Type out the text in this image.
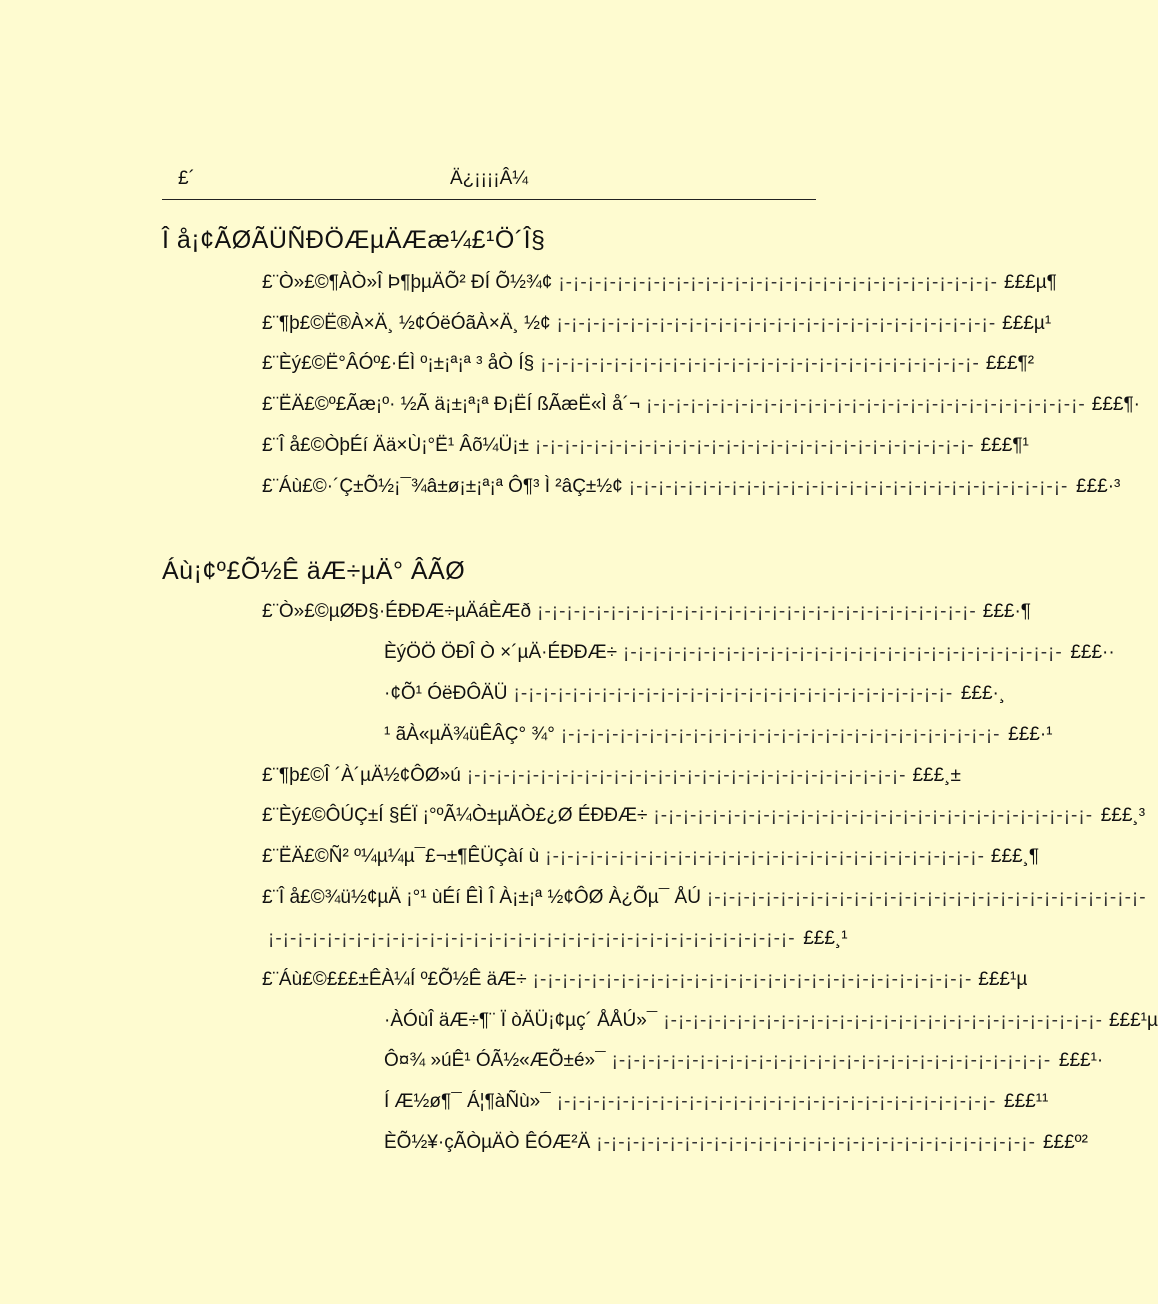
£´	Ä¿¡¡¡¡Â¼
Î å¡¢ÃØÃÜÑÐÖÆµÄÆæ¼£¹Ö´Î§
£¨Ò»£©¶ÀÒ»Î Þ¶þµÄÕ² ÐÍ Õ½¾¢ ¡-¡-¡-¡-¡-¡-¡-¡-¡-¡-¡-¡-¡-¡-¡-¡-¡-¡-¡-¡-¡-¡-¡-¡-¡-¡-¡-¡-¡-¡- £££µ¶
£¨¶þ£©Ë®À×Ä¸ ½¢ÓëÓãÀ×Ä¸ ½¢ ¡-¡-¡-¡-¡-¡-¡-¡-¡-¡-¡-¡-¡-¡-¡-¡-¡-¡-¡-¡-¡-¡-¡-¡-¡-¡-¡-¡-¡-¡- £££µ¹
£¨Èý£©Ë°ÂÓº£·ÉÌ º¡±¡ª¡ª ³ åÒ Í§ ¡-¡-¡-¡-¡-¡-¡-¡-¡-¡-¡-¡-¡-¡-¡-¡-¡-¡-¡-¡-¡-¡-¡-¡-¡-¡-¡-¡-¡-¡- £££¶²
£¨ËÄ£©º£Ãæ¡º· ½Ã ä¡±¡ª¡ª Ð¡ËÍ ßÃæË«Ì å´¬ ¡-¡-¡-¡-¡-¡-¡-¡-¡-¡-¡-¡-¡-¡-¡-¡-¡-¡-¡-¡-¡-¡-¡-¡-¡-¡-¡-¡-¡-¡- £££¶·
£¨Î å£©ÒþÉí Ää×Ù¡°Ë¹ Âõ¼Ü¡± ¡-¡-¡-¡-¡-¡-¡-¡-¡-¡-¡-¡-¡-¡-¡-¡-¡-¡-¡-¡-¡-¡-¡-¡-¡-¡-¡-¡-¡-¡- £££¶¹
£¨Áù£©·´Ç±Õ½¡¯¾â±ø¡±¡ª¡ª Ô¶³ Ì ²âÇ±½¢ ¡-¡-¡-¡-¡-¡-¡-¡-¡-¡-¡-¡-¡-¡-¡-¡-¡-¡-¡-¡-¡-¡-¡-¡-¡-¡-¡-¡-¡-¡- £££·³
Áù¡¢º£Õ½Ê äÆ÷µÄ° ÂÃØ
£¨Ò»£©µØÐ§·ÉÐÐÆ÷µÄáÈÆð ¡-¡-¡-¡-¡-¡-¡-¡-¡-¡-¡-¡-¡-¡-¡-¡-¡-¡-¡-¡-¡-¡-¡-¡-¡-¡-¡-¡-¡-¡- £££·¶
ÈýÖÖ ÖÐÎ Ò ×´µÄ·ÉÐÐÆ÷ ¡-¡-¡-¡-¡-¡-¡-¡-¡-¡-¡-¡-¡-¡-¡-¡-¡-¡-¡-¡-¡-¡-¡-¡-¡-¡-¡-¡-¡-¡- £££··
·¢Õ¹ ÓëÐÔÄÜ ¡-¡-¡-¡-¡-¡-¡-¡-¡-¡-¡-¡-¡-¡-¡-¡-¡-¡-¡-¡-¡-¡-¡-¡-¡-¡-¡-¡-¡-¡- £££·¸
¹ ãÀ«µÄ¾üÊÂÇ° ¾° ¡-¡-¡-¡-¡-¡-¡-¡-¡-¡-¡-¡-¡-¡-¡-¡-¡-¡-¡-¡-¡-¡-¡-¡-¡-¡-¡-¡-¡-¡- £££·¹
£¨¶þ£©Î ´À´µÄ½¢ÔØ»ú ¡-¡-¡-¡-¡-¡-¡-¡-¡-¡-¡-¡-¡-¡-¡-¡-¡-¡-¡-¡-¡-¡-¡-¡-¡-¡-¡-¡-¡-¡- £££¸±
£¨Èý£©ÔÚÇ±Í §ÉÏ ¡°ºÃ¼Ò±µÄÒ£¿Ø ÉÐÐÆ÷ ¡-¡-¡-¡-¡-¡-¡-¡-¡-¡-¡-¡-¡-¡-¡-¡-¡-¡-¡-¡-¡-¡-¡-¡-¡-¡-¡-¡-¡-¡- £££¸³
£¨ËÄ£©Ñ² º¼µ¼µ¯£¬±¶ÊÜÇàí ù ¡-¡-¡-¡-¡-¡-¡-¡-¡-¡-¡-¡-¡-¡-¡-¡-¡-¡-¡-¡-¡-¡-¡-¡-¡-¡-¡-¡-¡-¡- £££¸¶
£¨Î å£©¾ü½¢µÄ ¡°¹ ùÉí ÊÌ Î À¡±¡ª ½¢ÔØ À¿Õµ¯ ÅÚ ¡-¡-¡-¡-¡-¡-¡-¡-¡-¡-¡-¡-¡-¡-¡-¡-¡-¡-¡-¡-¡-¡-¡-¡-¡-¡-¡-¡-¡-¡-
¡-¡-¡-¡-¡-¡-¡-¡-¡-¡-¡-¡-¡-¡-¡-¡-¡-¡-¡-¡-¡-¡-¡-¡-¡-¡-¡-¡-¡-¡-¡-¡-¡-¡-¡-¡- £££¸¹
£¨Áù£©£££±ÊÀ¼Í º£Õ½Ê äÆ÷ ¡-¡-¡-¡-¡-¡-¡-¡-¡-¡-¡-¡-¡-¡-¡-¡-¡-¡-¡-¡-¡-¡-¡-¡-¡-¡-¡-¡-¡-¡- £££¹µ
·ÀÓùÎ äÆ÷¶¨ Ï òÄÜ¡¢µç´ ÅÅÚ»¯ ¡-¡-¡-¡-¡-¡-¡-¡-¡-¡-¡-¡-¡-¡-¡-¡-¡-¡-¡-¡-¡-¡-¡-¡-¡-¡-¡-¡-¡-¡- £££¹µ
Ô¤¾ »úÊ¹ ÓÃ½«ÆÕ±é»¯ ¡-¡-¡-¡-¡-¡-¡-¡-¡-¡-¡-¡-¡-¡-¡-¡-¡-¡-¡-¡-¡-¡-¡-¡-¡-¡-¡-¡-¡-¡- £££¹·
Í Æ½ø¶¯ Á¦¶àÑù»¯ ¡-¡-¡-¡-¡-¡-¡-¡-¡-¡-¡-¡-¡-¡-¡-¡-¡-¡-¡-¡-¡-¡-¡-¡-¡-¡-¡-¡-¡-¡- £££¹¹
ÈÕ½¥·çÃÒµÄÒ ÊÓÆ²Ä ¡-¡-¡-¡-¡-¡-¡-¡-¡-¡-¡-¡-¡-¡-¡-¡-¡-¡-¡-¡-¡-¡-¡-¡-¡-¡-¡-¡-¡-¡- £££º²
